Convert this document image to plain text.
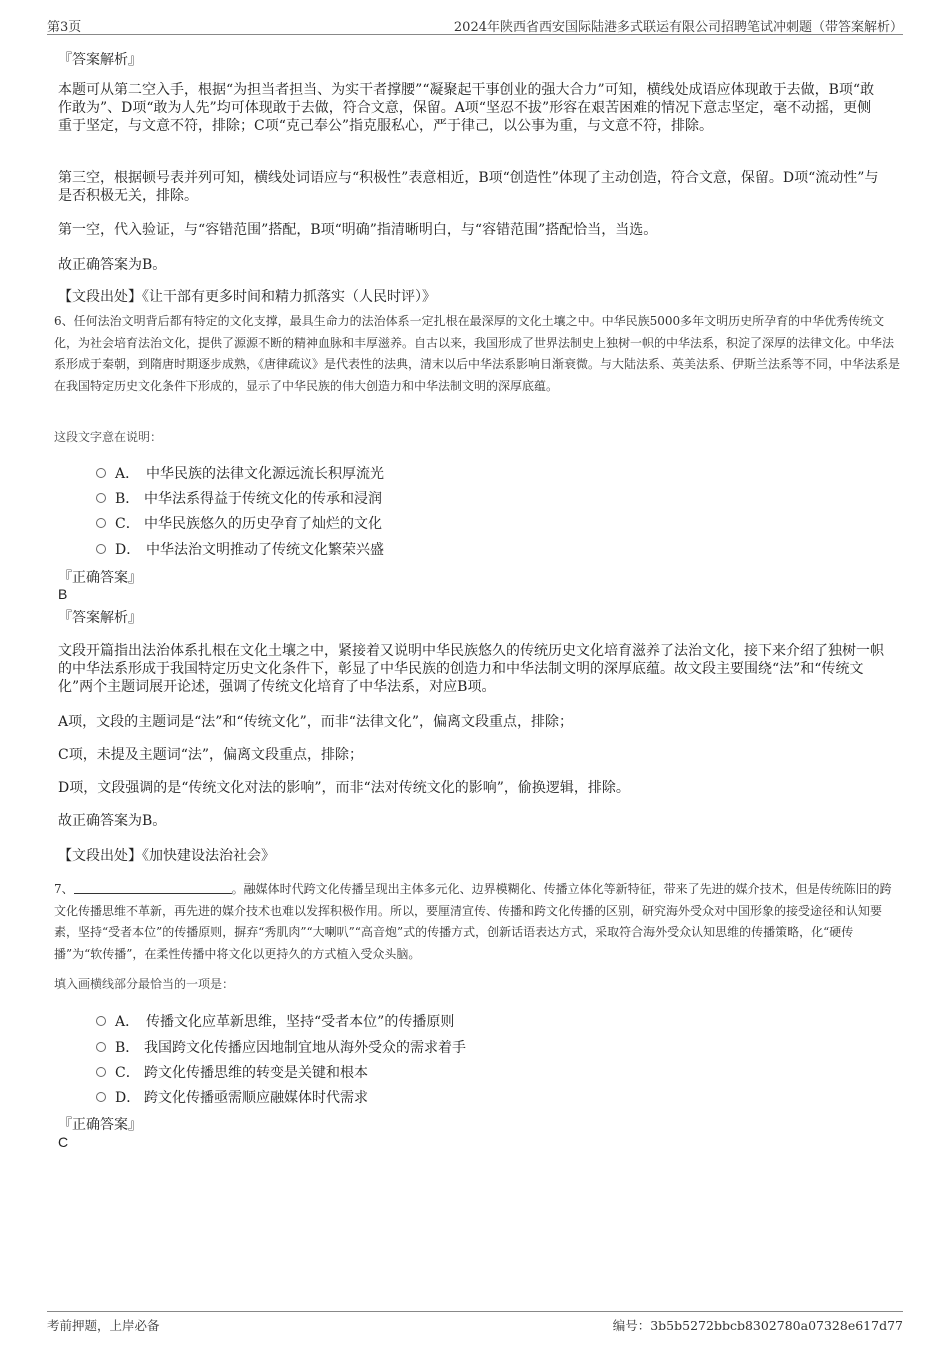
第3页	2024年陕西省西安国际陆港多式联运有限公司招聘笔试冲刺题（带答案解析）
『答案解析』
本题可从第二空入手，根据“为担当者担当、为实干者撑腰”“凝聚起干事创业的强大合力”可知，横线处成语应体现敢于去做，B项“敢作敢为”、D项“敢为人先”均可体现敢于去做，符合文意，保留。A项“坚忍不拔”形容在艰苦困难的情况下意志坚定，毫不动摇，更侧重于坚定，与文意不符，排除；C项“克己奉公”指克服私心，严于律己，以公事为重，与文意不符，排除。
第三空，根据顿号表并列可知，横线处词语应与“积极性”表意相近，B项“创造性”体现了主动创造，符合文意，保留。D项“流动性”与是否积极无关，排除。
第一空，代入验证，与“容错范围”搭配，B项“明确”指清晰明白，与“容错范围”搭配恰当，当选。
故正确答案为B。
【文段出处】《让干部有更多时间和精力抓落实（人民时评）》
6、任何法治文明背后都有特定的文化支撑，最具生命力的法治体系一定扎根在最深厚的文化土壤之中。中华民族5000多年文明历史所孕育的中华优秀传统文化，为社会培育法治文化，提供了源源不断的精神血脉和丰厚滋养。自古以来，我国形成了世界法制史上独树一帜的中华法系，积淀了深厚的法律文化。中华法系形成于秦朝，到隋唐时期逐步成熟，《唐律疏议》是代表性的法典，清末以后中华法系影响日渐衰微。与大陆法系、英美法系、伊斯兰法系等不同，中华法系是在我国特定历史文化条件下形成的，显示了中华民族的伟大创造力和中华法制文明的深厚底蕴。
这段文字意在说明：
A． 中华民族的法律文化源远流长积厚流光
B． 中华法系得益于传统文化的传承和浸润
C． 中华民族悠久的历史孕育了灿烂的文化
D． 中华法治文明推动了传统文化繁荣兴盛
『正确答案』
B
『答案解析』
文段开篇指出法治体系扎根在文化土壤之中，紧接着又说明中华民族悠久的传统历史文化培育滋养了法治文化，接下来介绍了独树一帜的中华法系形成于我国特定历史文化条件下，彰显了中华民族的创造力和中华法制文明的深厚底蕴。故文段主要围绕“法”和“传统文化”两个主题词展开论述，强调了传统文化培育了中华法系，对应B项。
A项，文段的主题词是“法”和“传统文化”，而非“法律文化”，偏离文段重点，排除；
C项，未提及主题词“法”，偏离文段重点，排除；
D项，文段强调的是“传统文化对法的影响”，而非“法对传统文化的影响”，偷换逻辑，排除。
故正确答案为B。
【文段出处】《加快建设法治社会》
7、	。融媒体时代跨文化传播呈现出主体多元化、边界模糊化、传播立体化等新特征，带来了先进的媒介技术，但是传统陈旧的跨文化传播思维不革新，再先进的媒介技术也难以发挥积极作用。所以，要厘清宣传、传播和跨文化传播的区别，研究海外受众对中国形象的接受途径和认知要素，坚持“受者本位”的传播原则，摒弃“秀肌肉”“大喇叭”“高音炮”式的传播方式，创新话语表达方式，采取符合海外受众认知思维的传播策略，化“硬传播”为“软传播”，在柔性传播中将文化以更持久的方式植入受众头脑。
填入画横线部分最恰当的一项是：
A． 传播文化应革新思维，坚持“受者本位”的传播原则
B． 我国跨文化传播应因地制宜地从海外受众的需求着手
C． 跨文化传播思维的转变是关键和根本
D． 跨文化传播亟需顺应融媒体时代需求
『正确答案』
C
考前押题，上岸必备	编号：3b5b5272bbcb8302780a07328e617d77
